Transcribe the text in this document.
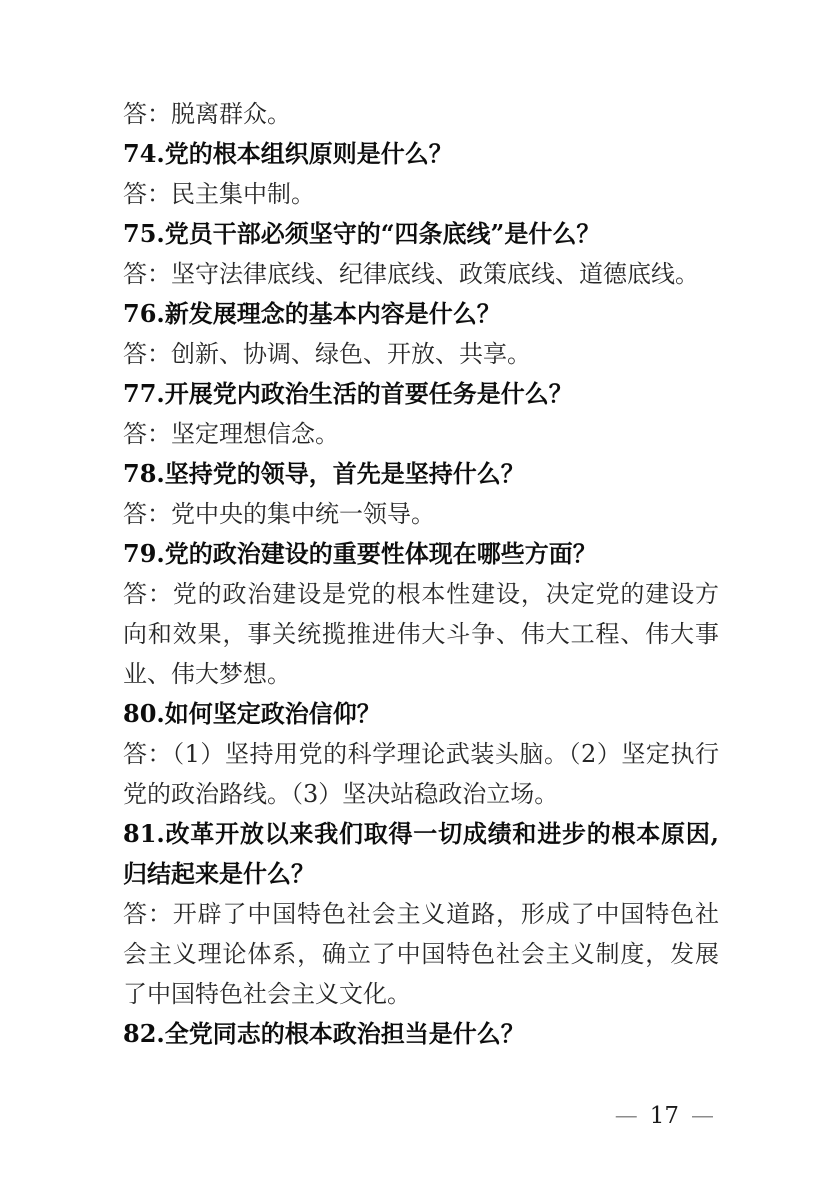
答：脱离群众。

74.党的根本组织原则是什么？

答：民主集中制。

75.党员干部必须坚守的“四条底线”是什么？

答：坚守法律底线、纪律底线、政策底线、道德底线。

76.新发展理念的基本内容是什么？

答：创新、协调、绿色、开放、共享。

77.开展党内政治生活的首要任务是什么？

答：坚定理想信念。

78.坚持党的领导，首先是坚持什么？

答：党中央的集中统一领导。

79.党的政治建设的重要性体现在哪些方面？

答：党的政治建设是党的根本性建设，决定党的建设方向和效果，事关统揽推进伟大斗争、伟大工程、伟大事业、伟大梦想。

80.如何坚定政治信仰？

答：（1）坚持用党的科学理论武装头脑。（2）坚定执行党的政治路线。（3）坚决站稳政治立场。

81.改革开放以来我们取得一切成绩和进步的根本原因,归结起来是什么？

答：开辟了中国特色社会主义道路，形成了中国特色社会主义理论体系，确立了中国特色社会主义制度，发展了中国特色社会主义文化。

82.全党同志的根本政治担当是什么？

— 17 —
